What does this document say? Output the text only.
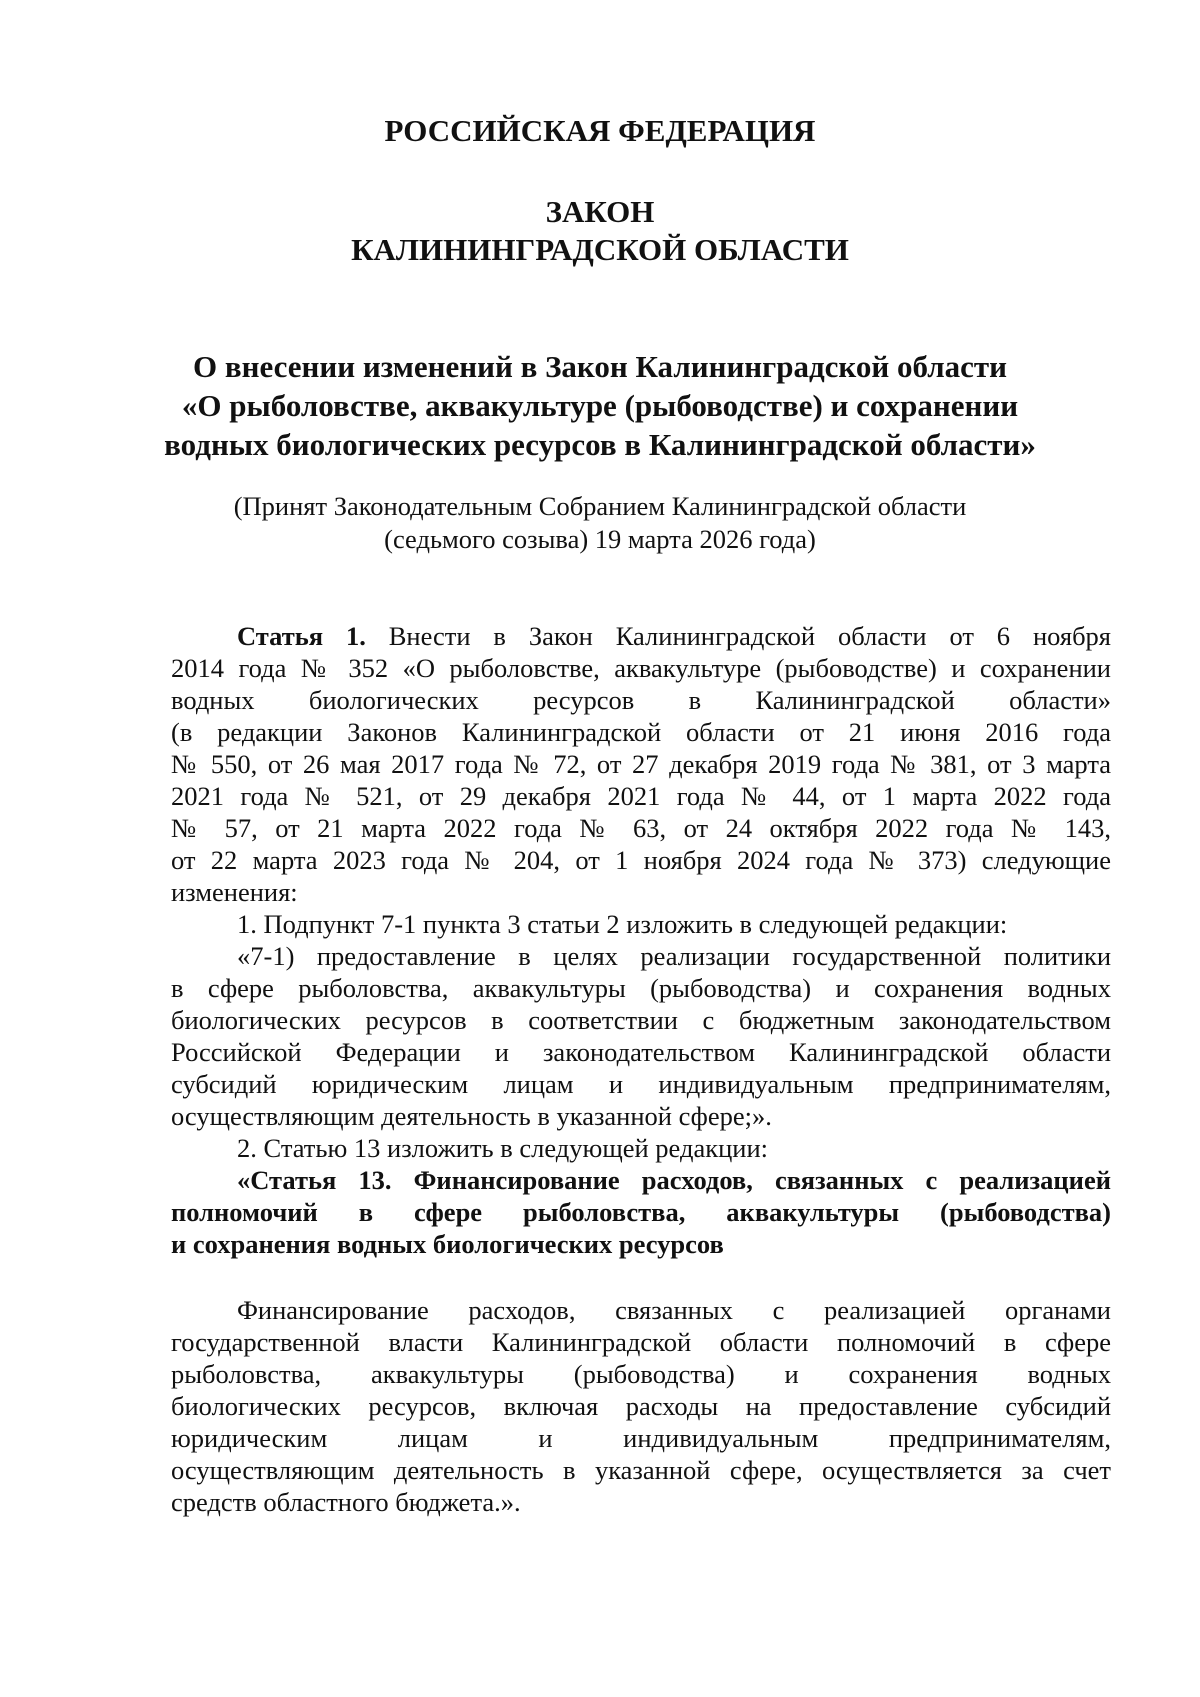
РОССИЙСКАЯ ФЕДЕРАЦИЯ
ЗАКОН
КАЛИНИНГРАДСКОЙ ОБЛАСТИ
О внесении изменений в Закон Калининградской области
«О рыболовстве, аквакультуре (рыбоводстве) и сохранении
водных биологических ресурсов в Калининградской области»
(Принят Законодательным Собранием Калининградской области
(седьмого созыва) 19 марта 2026 года)
Статья 1. Внести в Закон Калининградской области от 6 ноября
2014 года № 352 «О рыболовстве, аквакультуре (рыбоводстве) и сохранении
водных биологических ресурсов в Калининградской области»
(в редакции Законов Калининградской области от 21 июня 2016 года
№ 550, от 26 мая 2017 года № 72, от 27 декабря 2019 года № 381, от 3 марта
2021 года № 521, от 29 декабря 2021 года № 44, от 1 марта 2022 года
№ 57, от 21 марта 2022 года № 63, от 24 октября 2022 года № 143,
от 22 марта 2023 года № 204, от 1 ноября 2024 года № 373) следующие
изменения:
1. Подпункт 7-1 пункта 3 статьи 2 изложить в следующей редакции:
«7-1) предоставление в целях реализации государственной политики
в сфере рыболовства, аквакультуры (рыбоводства) и сохранения водных
биологических ресурсов в соответствии с бюджетным законодательством
Российской Федерации и законодательством Калининградской области
субсидий юридическим лицам и индивидуальным предпринимателям,
осуществляющим деятельность в указанной сфере;».
2. Статью 13 изложить в следующей редакции:
«Статья 13. Финансирование расходов, связанных с реализацией
полномочий в сфере рыболовства, аквакультуры (рыбоводства)
и сохранения водных биологических ресурсов
Финансирование расходов, связанных с реализацией органами
государственной власти Калининградской области полномочий в сфере
рыболовства, аквакультуры (рыбоводства) и сохранения водных
биологических ресурсов, включая расходы на предоставление субсидий
юридическим лицам и индивидуальным предпринимателям,
осуществляющим деятельность в указанной сфере, осуществляется за счет
средств областного бюджета.».
